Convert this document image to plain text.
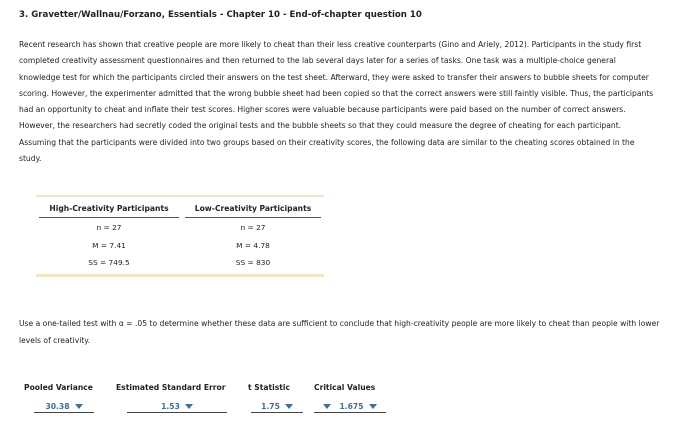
3. Gravetter/Wallnau/Forzano, Essentials - Chapter 10 - End-of-chapter question 10

Recent research has shown that creative people are more likely to cheat than their less creative counterparts (Gino and Ariely, 2012). Participants in the study first completed creativity assessment questionnaires and then returned to the lab several days later for a series of tasks. One task was a multiple-choice general knowledge test for which the participants circled their answers on the test sheet. Afterward, they were asked to transfer their answers to bubble sheets for computer scoring. However, the experimenter admitted that the wrong bubble sheet had been copied so that the correct answers were still faintly visible. Thus, the participants had an opportunity to cheat and inflate their test scores. Higher scores were valuable because participants were paid based on the number of correct answers. However, the researchers had secretly coded the original tests and the bubble sheets so that they could measure the degree of cheating for each participant. Assuming that the participants were divided into two groups based on their creativity scores, the following data are similar to the cheating scores obtained in the study.

High-Creativity Participants
n = 27
M = 7.41
SS = 749.5
Low-Creativity Participants
n = 27
M = 4.78
SS = 830

Use a one-tailed test with α = .05 to determine whether these data are sufficient to conclude that high-creativity people are more likely to cheat than people with lower levels of creativity.

Pooled Variance
30.38
Estimated Standard Error
1.53
t Statistic
1.75
Critical Values
1.675
